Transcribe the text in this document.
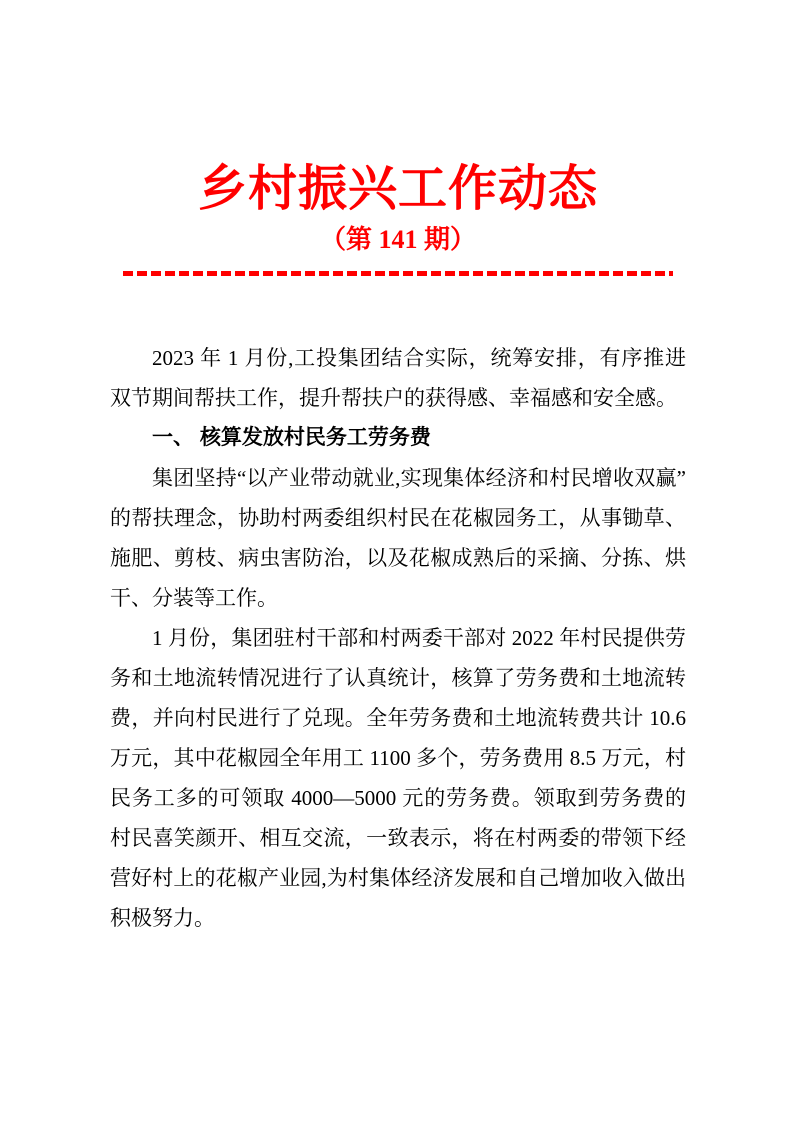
乡村振兴工作动态
（第 141 期）

2023 年 1 月份,工投集团结合实际，统筹安排，有序推进双节期间帮扶工作，提升帮扶户的获得感、幸福感和安全感。

一、 核算发放村民务工劳务费

集团坚持“以产业带动就业,实现集体经济和村民增收双赢”的帮扶理念，协助村两委组织村民在花椒园务工，从事锄草、施肥、剪枝、病虫害防治，以及花椒成熟后的采摘、分拣、烘干、分装等工作。

1 月份，集团驻村干部和村两委干部对 2022 年村民提供劳务和土地流转情况进行了认真统计，核算了劳务费和土地流转费，并向村民进行了兑现。全年劳务费和土地流转费共计 10.6 万元，其中花椒园全年用工 1100 多个，劳务费用 8.5 万元，村民务工多的可领取 4000—5000 元的劳务费。领取到劳务费的村民喜笑颜开、相互交流，一致表示，将在村两委的带领下经营好村上的花椒产业园,为村集体经济发展和自己增加收入做出积极努力。
